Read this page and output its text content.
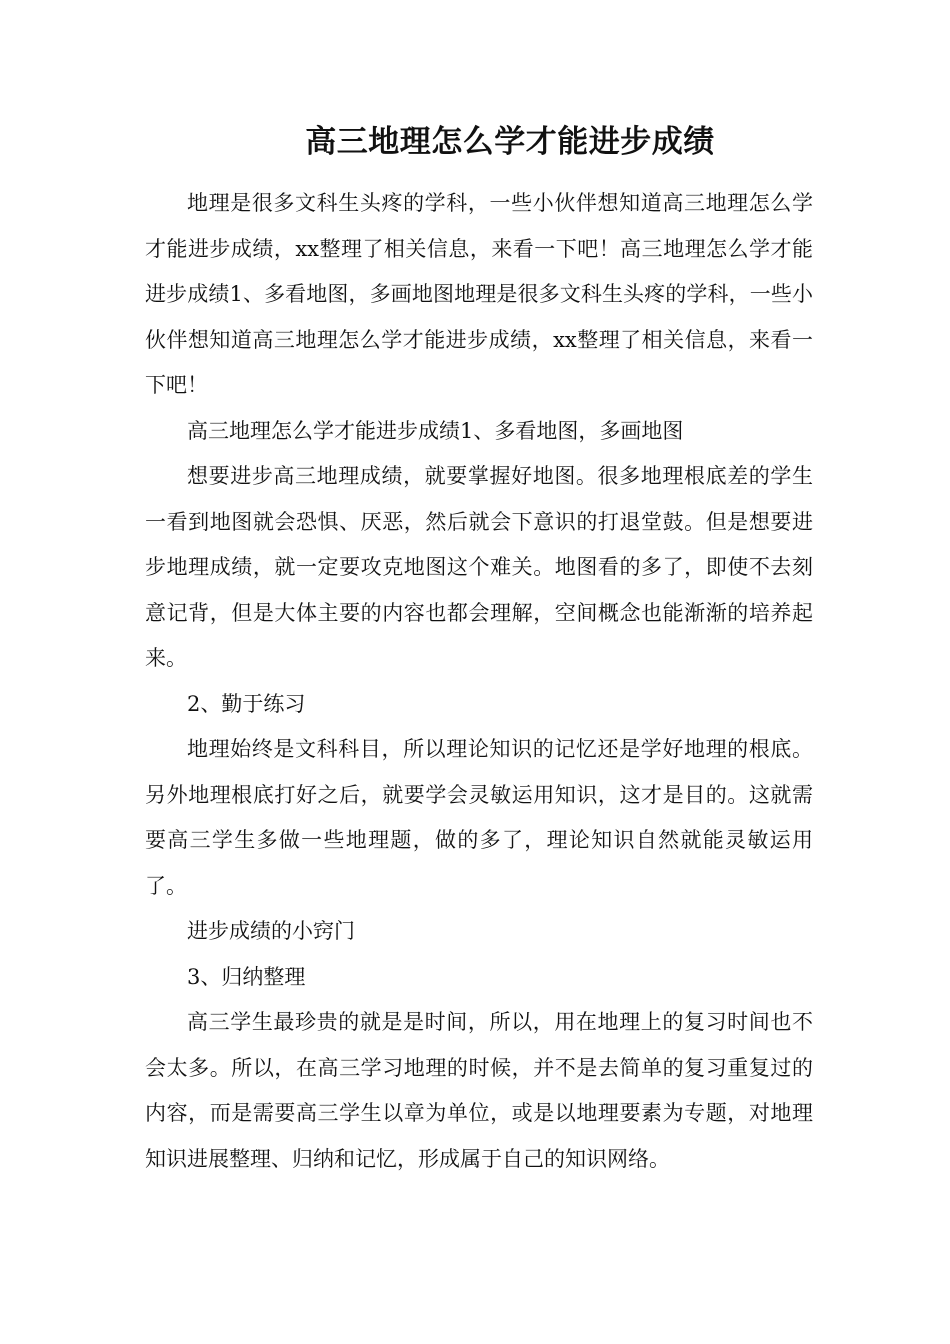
高三地理怎么学才能进步成绩

地理是很多文科生头疼的学科，一些小伙伴想知道高三地理怎么学才能进步成绩，xx整理了相关信息，来看一下吧！高三地理怎么学才能进步成绩1、多看地图，多画地图地理是很多文科生头疼的学科，一些小伙伴想知道高三地理怎么学才能进步成绩，xx整理了相关信息，来看一下吧！

高三地理怎么学才能进步成绩1、多看地图，多画地图

想要进步高三地理成绩，就要掌握好地图。很多地理根底差的学生一看到地图就会恐惧、厌恶，然后就会下意识的打退堂鼓。但是想要进步地理成绩，就一定要攻克地图这个难关。地图看的多了，即使不去刻意记背，但是大体主要的内容也都会理解，空间概念也能渐渐的培养起来。

2、勤于练习

地理始终是文科科目，所以理论知识的记忆还是学好地理的根底。另外地理根底打好之后，就要学会灵敏运用知识，这才是目的。这就需要高三学生多做一些地理题，做的多了，理论知识自然就能灵敏运用了。

进步成绩的小窍门

3、归纳整理

高三学生最珍贵的就是是时间，所以，用在地理上的复习时间也不会太多。所以，在高三学习地理的时候，并不是去简单的复习重复过的内容，而是需要高三学生以章为单位，或是以地理要素为专题，对地理知识进展整理、归纳和记忆，形成属于自己的知识网络。
